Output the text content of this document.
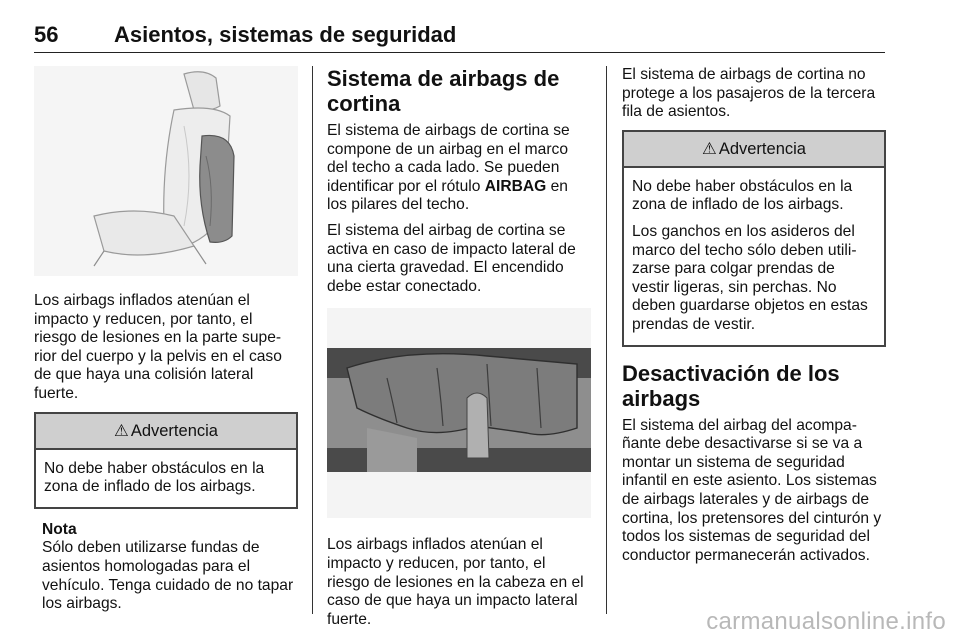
56	Asientos, sistemas de seguridad

Los airbags inflados atenúan el impacto y reducen, por tanto, el riesgo de lesiones en la parte superior del cuerpo y la pelvis en el caso de que haya una colisión lateral fuerte.

⚠ Advertencia

No debe haber obstáculos en la zona de inflado de los airbags.

Nota

Sólo deben utilizarse fundas de asientos homologadas para el vehículo. Tenga cuidado de no tapar los airbags.

Sistema de airbags de cortina

El sistema de airbags de cortina se compone de un airbag en el marco del techo a cada lado. Se pueden identificar por el rótulo AIRBAG en los pilares del techo.

El sistema del airbag de cortina se activa en caso de impacto lateral de una cierta gravedad. El encendido debe estar conectado.

Los airbags inflados atenúan el impacto y reducen, por tanto, el riesgo de lesiones en la cabeza en el caso de que haya un impacto lateral fuerte.

El sistema de airbags de cortina no protege a los pasajeros de la tercera fila de asientos.

⚠ Advertencia

No debe haber obstáculos en la zona de inflado de los airbags.

Los ganchos en los asideros del marco del techo sólo deben utilizarse para colgar prendas de vestir ligeras, sin perchas. No deben guardarse objetos en estas prendas de vestir.

Desactivación de los airbags

El sistema del airbag del acompañante debe desactivarse si se va a montar un sistema de seguridad infantil en este asiento. Los sistemas de airbags laterales y de airbags de cortina, los pretensores del cinturón y todos los sistemas de seguridad del conductor permanecerán activados.

carmanualsonline.info
